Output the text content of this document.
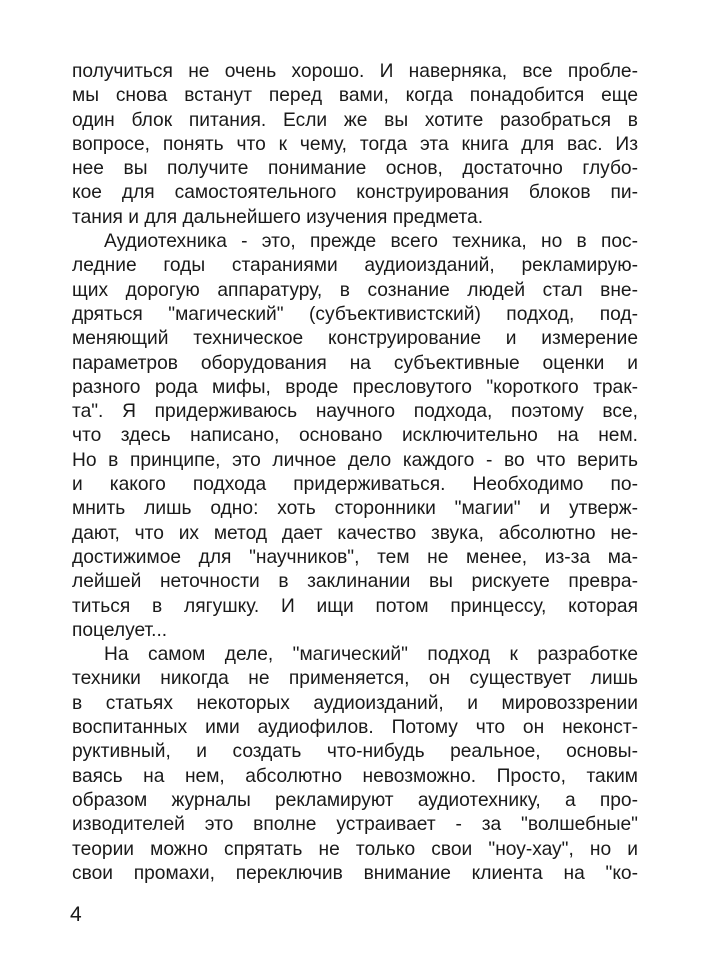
получиться не очень хорошо. И наверняка, все пробле-
мы снова встанут перед вами, когда понадобится еще
один блок питания. Если же вы хотите разобраться в
вопросе, понять что к чему, тогда эта книга для вас. Из
нее вы получите понимание основ, достаточно глубо-
кое для самостоятельного конструирования блоков пи-
тания и для дальнейшего изучения предмета.
Аудиотехника - это, прежде всего техника, но в пос-
ледние годы стараниями аудиоизданий, рекламирую-
щих дорогую аппаратуру, в сознание людей стал вне-
дряться "магический" (субъективистский) подход, под-
меняющий техническое конструирование и измерение
параметров оборудования на субъективные оценки и
разного рода мифы, вроде пресловутого "короткого трак-
та". Я придерживаюсь научного подхода, поэтому все,
что здесь написано, основано исключительно на нем.
Но в принципе, это личное дело каждого - во что верить
и какого подхода придерживаться. Необходимо по-
мнить лишь одно: хоть сторонники "магии" и утверж-
дают, что их метод дает качество звука, абсолютно не-
достижимое для "научников", тем не менее, из-за ма-
лейшей неточности в заклинании вы рискуете превра-
титься в лягушку. И ищи потом принцессу, которая
поцелует...
На самом деле, "магический" подход к разработке
техники никогда не применяется, он существует лишь
в статьях некоторых аудиоизданий, и мировоззрении
воспитанных ими аудиофилов. Потому что он неконст-
руктивный, и создать что-нибудь реальное, основы-
ваясь на нем, абсолютно невозможно. Просто, таким
образом журналы рекламируют аудиотехнику, а про-
изводителей это вполне устраивает - за "волшебные"
теории можно спрятать не только свои "ноу-хау", но и
свои промахи, переключив внимание клиента на "ко-
4
